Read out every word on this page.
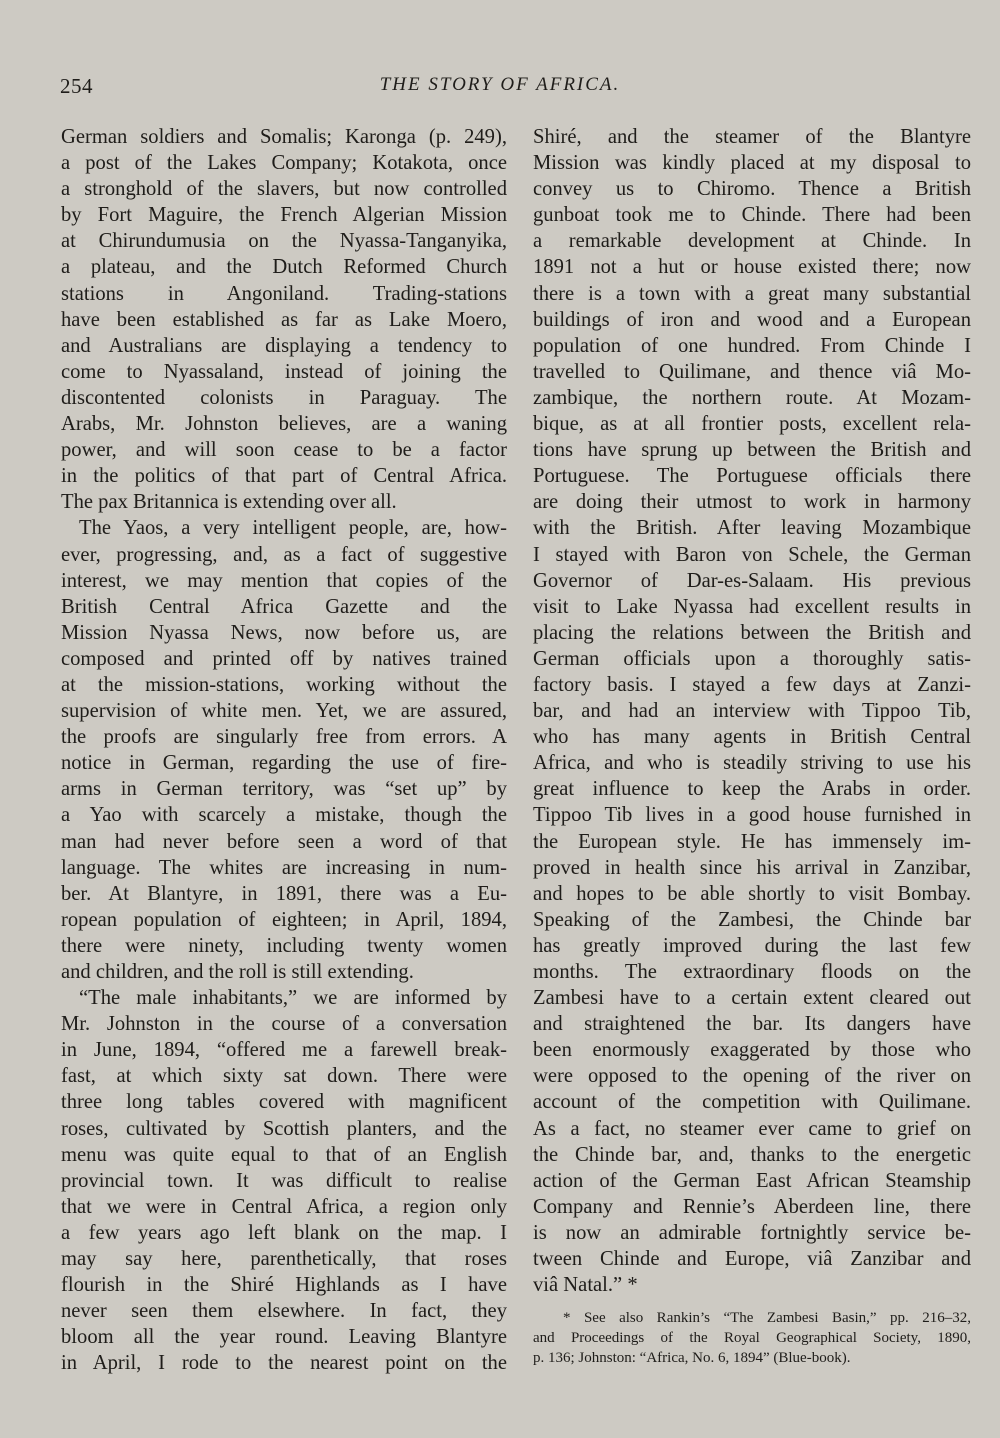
254	THE STORY OF AFRICA.
German soldiers and Somalis; Karonga (p. 249),
a post of the Lakes Company; Kotakota, once
a stronghold of the slavers, but now controlled
by Fort Maguire, the French Algerian Mission
at Chirundumusia on the Nyassa-Tanganyika,
a plateau, and the Dutch Reformed Church
stations in Angoniland. Trading-stations
have been established as far as Lake Moero,
and Australians are displaying a tendency to
come to Nyassaland, instead of joining the
discontented colonists in Paraguay. The
Arabs, Mr. Johnston believes, are a waning
power, and will soon cease to be a factor
in the politics of that part of Central Africa.
The pax Britannica is extending over all.
The Yaos, a very intelligent people, are, how-
ever, progressing, and, as a fact of suggestive
interest, we may mention that copies of the
British Central Africa Gazette and the
Mission Nyassa News, now before us, are
composed and printed off by natives trained
at the mission-stations, working without the
supervision of white men. Yet, we are assured,
the proofs are singularly free from errors. A
notice in German, regarding the use of fire-
arms in German territory, was “set up” by
a Yao with scarcely a mistake, though the
man had never before seen a word of that
language. The whites are increasing in num-
ber. At Blantyre, in 1891, there was a Eu-
ropean population of eighteen; in April, 1894,
there were ninety, including twenty women
and children, and the roll is still extending.
“The male inhabitants,” we are informed by
Mr. Johnston in the course of a conversation
in June, 1894, “offered me a farewell break-
fast, at which sixty sat down. There were
three long tables covered with magnificent
roses, cultivated by Scottish planters, and the
menu was quite equal to that of an English
provincial town. It was difficult to realise
that we were in Central Africa, a region only
a few years ago left blank on the map. I
may say here, parenthetically, that roses
flourish in the Shiré Highlands as I have
never seen them elsewhere. In fact, they
bloom all the year round. Leaving Blantyre
in April, I rode to the nearest point on the
Shiré, and the steamer of the Blantyre
Mission was kindly placed at my disposal to
convey us to Chiromo. Thence a British
gunboat took me to Chinde. There had been
a remarkable development at Chinde. In
1891 not a hut or house existed there; now
there is a town with a great many substantial
buildings of iron and wood and a European
population of one hundred. From Chinde I
travelled to Quilimane, and thence viâ Mo-
zambique, the northern route. At Mozam-
bique, as at all frontier posts, excellent rela-
tions have sprung up between the British and
Portuguese. The Portuguese officials there
are doing their utmost to work in harmony
with the British. After leaving Mozambique
I stayed with Baron von Schele, the German
Governor of Dar-es-Salaam. His previous
visit to Lake Nyassa had excellent results in
placing the relations between the British and
German officials upon a thoroughly satis-
factory basis. I stayed a few days at Zanzi-
bar, and had an interview with Tippoo Tib,
who has many agents in British Central
Africa, and who is steadily striving to use his
great influence to keep the Arabs in order.
Tippoo Tib lives in a good house furnished in
the European style. He has immensely im-
proved in health since his arrival in Zanzibar,
and hopes to be able shortly to visit Bombay.
Speaking of the Zambesi, the Chinde bar
has greatly improved during the last few
months. The extraordinary floods on the
Zambesi have to a certain extent cleared out
and straightened the bar. Its dangers have
been enormously exaggerated by those who
were opposed to the opening of the river on
account of the competition with Quilimane.
As a fact, no steamer ever came to grief on
the Chinde bar, and, thanks to the energetic
action of the German East African Steamship
Company and Rennie’s Aberdeen line, there
is now an admirable fortnightly service be-
tween Chinde and Europe, viâ Zanzibar and
viâ Natal.” *
* See also Rankin’s “The Zambesi Basin,” pp. 216–32,
and Proceedings of the Royal Geographical Society, 1890,
p. 136; Johnston: “Africa, No. 6, 1894” (Blue-book).
